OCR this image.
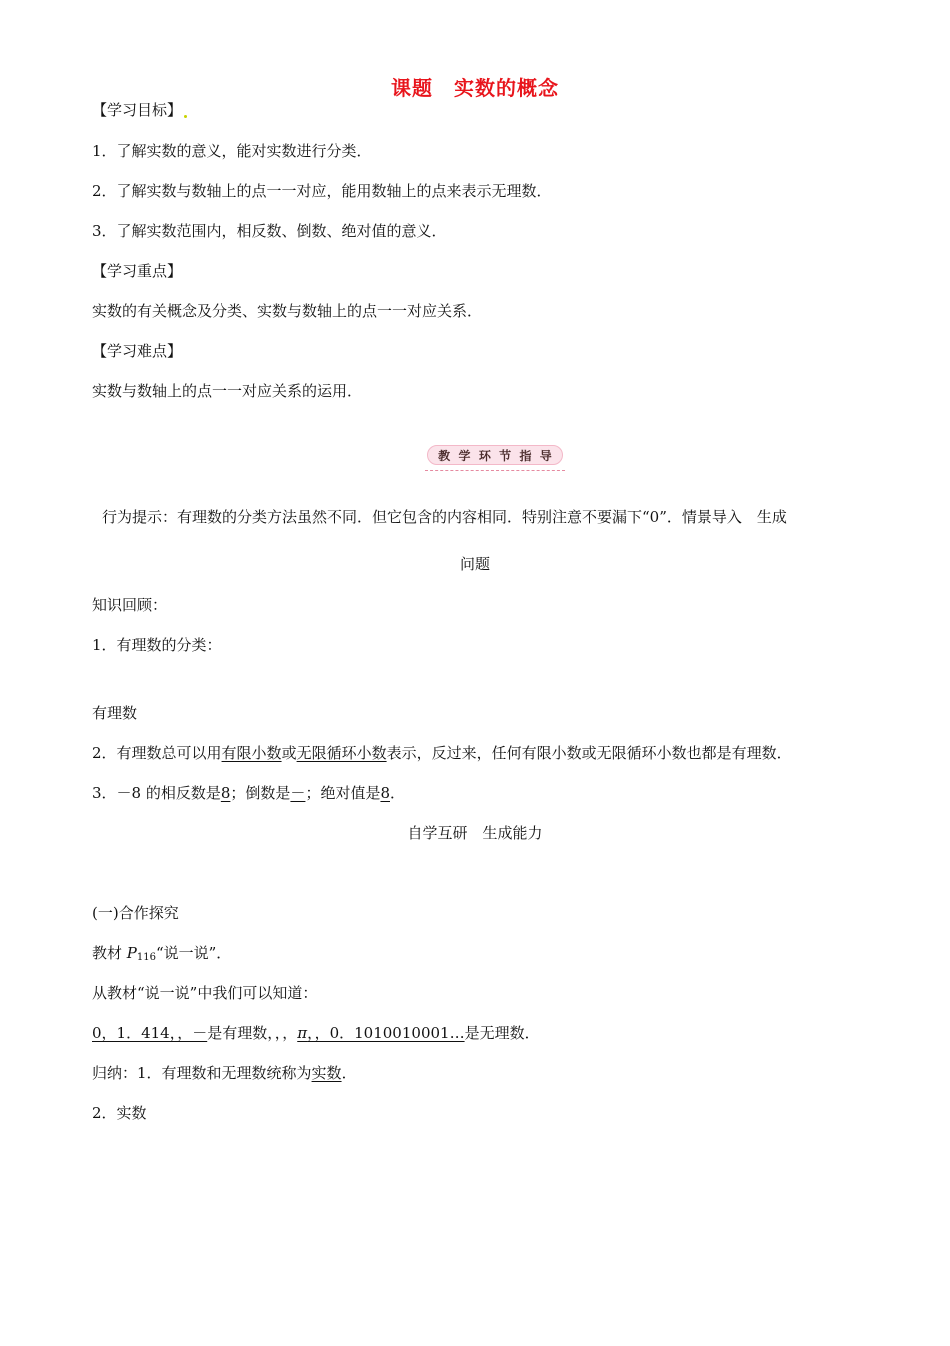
课题　实数的概念
【学习目标】
1．了解实数的意义，能对实数进行分类．
2．了解实数与数轴上的点一一对应，能用数轴上的点来表示无理数．
3．了解实数范围内，相反数、倒数、绝对值的意义．
【学习重点】
实数的有关概念及分类、实数与数轴上的点一一对应关系．
【学习难点】
实数与数轴上的点一一对应关系的运用．
教 学 环 节 指 导
行为提示：有理数的分类方法虽然不同．但它包含的内容相同．特别注意不要漏下“0”．情景导入　生成
问题
知识回顾：
1．有理数的分类：
有理数
2．有理数总可以用有限小数或无限循环小数表示，反过来，任何有限小数或无限循环小数也都是有理数．
3．－8 的相反数是8；倒数是－；绝对值是8．
自学互研　生成能力
(一)合作探究
教材 $P_{116}“$说一说”．
从教材“说一说”中我们可以知道：
0，1．414，，－是有理数，，，π，，0．1010010001…是无理数．
归纳：1．有理数和无理数统称为实数．
2．实数
